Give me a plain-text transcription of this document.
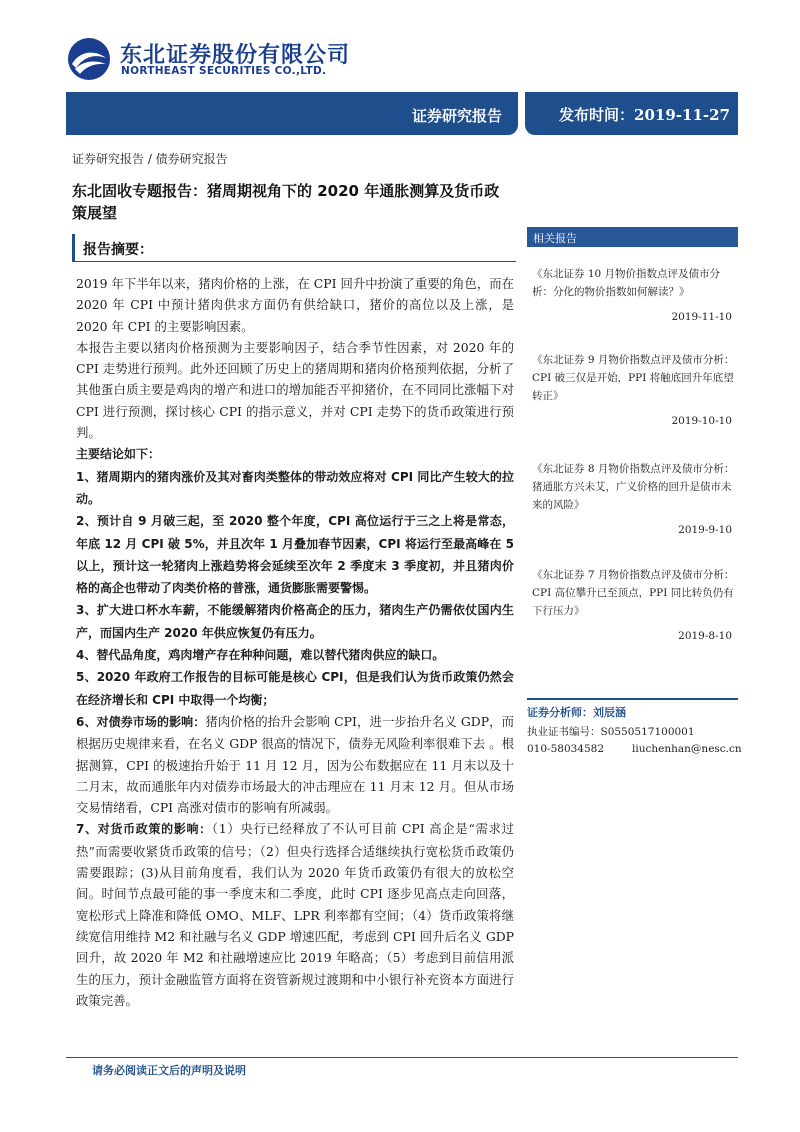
东北证券股份有限公司
NORTHEAST SECURITIES CO.,LTD.
证券研究报告	发布时间：2019-11-27
证券研究报告 / 债券研究报告
东北固收专题报告：猪周期视角下的 2020 年通胀测算及货币政策展望
报告摘要：

2019 年下半年以来，猪肉价格的上涨，在 CPI 回升中扮演了重要的角色，而在 2020 年 CPI 中预计猪肉供求方面仍有供给缺口，猪价的高位以及上涨，是 2020 年 CPI 的主要影响因素。

本报告主要以猪肉价格预测为主要影响因子，结合季节性因素，对 2020 年的 CPI 走势进行预判。此外还回顾了历史上的猪周期和猪肉价格预判依据，分析了其他蛋白质主要是鸡肉的增产和进口的增加能否平抑猪价，在不同同比涨幅下对 CPI 进行预测，探讨核心 CPI 的指示意义，并对 CPI 走势下的货币政策进行预判。

主要结论如下：

1、猪周期内的猪肉涨价及其对畜肉类整体的带动效应将对 CPI 同比产生较大的拉动。

2、预计自 9 月破三起，至 2020 整个年度，CPI 高位运行于三之上将是常态，年底 12 月 CPI 破 5%，并且次年 1 月叠加春节因素，CPI 将运行至最高峰在 5 以上，预计这一轮猪肉上涨趋势将会延续至次年 2 季度末 3 季度初，并且猪肉价格的高企也带动了肉类价格的普涨，通货膨胀需要警惕。

3、扩大进口杯水车薪，不能缓解猪肉价格高企的压力，猪肉生产仍需依仗国内生产，而国内生产 2020 年供应恢复仍有压力。

4、替代品角度，鸡肉增产存在种种问题，难以替代猪肉供应的缺口。

5、2020 年政府工作报告的目标可能是核心 CPI，但是我们认为货币政策仍然会在经济增长和 CPI 中取得一个均衡；

6、对债券市场的影响：猪肉价格的抬升会影响 CPI，进一步抬升名义 GDP，而根据历史规律来看，在名义 GDP 很高的情况下，债券无风险利率很难下去 。根据测算，CPI 的极速抬升始于 11 月 12 月，因为公布数据应在 11 月末以及十二月末，故而通胀年内对债券市场最大的冲击理应在 11 月末 12 月。但从市场交易情绪看，CPI 高涨对债市的影响有所减弱。

7、对货币政策的影响：（1）央行已经释放了不认可目前 CPI 高企是“需求过热”而需要收紧货币政策的信号；（2）但央行选择合适继续执行宽松货币政策仍需要跟踪；(3)从目前角度看，我们认为 2020 年货币政策仍有很大的放松空间。时间节点最可能的事一季度末和二季度，此时 CPI 逐步见高点走向回落，宽松形式上降准和降低 OMO、MLF、LPR 利率都有空间；（4）货币政策将继续宽信用维持 M2 和社融与名义 GDP 增速匹配，考虑到 CPI 回升后名义 GDP 回升，故 2020 年 M2 和社融增速应比 2019 年略高；（5）考虑到目前信用派生的压力，预计金融监管方面将在资管新规过渡期和中小银行补充资本方面进行政策完善。

相关报告
《东北证券 10 月物价指数点评及债市分析：分化的物价指数如何解读？》
2019-11-10
《东北证券 9 月物价指数点评及债市分析：CPI 破三仅是开始，PPI 将触底回升年底望转正》
2019-10-10
《东北证券 8 月物价指数点评及债市分析：猪通胀方兴未艾，广义价格的回升是债市未来的风险》
2019-9-10
《东北证券 7 月物价指数点评及债市分析：CPI 高位攀升已至顶点，PPI 同比转负仍有下行压力》
2019-8-10
证券分析师：刘辰涵
执业证书编号：S0550517100001
010-58034582	liuchenhan@nesc.cn
请务必阅读正文后的声明及说明
